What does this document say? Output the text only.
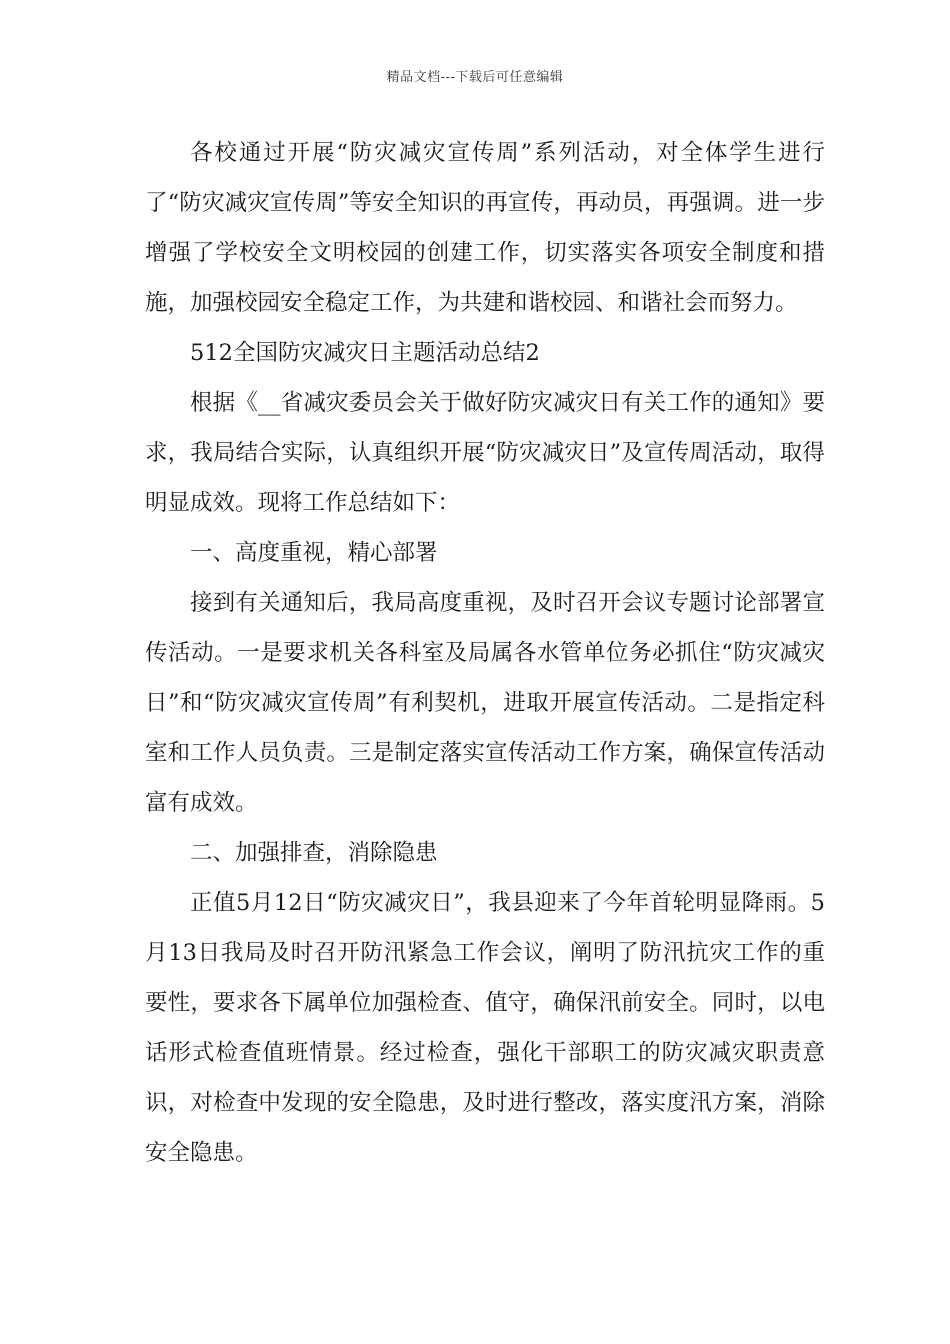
精品文档---下载后可任意编辑

各校通过开展“防灾减灾宣传周”系列活动，对全体学生进行了“防灾减灾宣传周”等安全知识的再宣传，再动员，再强调。进一步增强了学校安全文明校园的创建工作，切实落实各项安全制度和措施，加强校园安全稳定工作，为共建和谐校园、和谐社会而努力。

512全国防灾减灾日主题活动总结2

根据《__省减灾委员会关于做好防灾减灾日有关工作的通知》要求，我局结合实际，认真组织开展“防灾减灾日”及宣传周活动，取得明显成效。现将工作总结如下：

一、高度重视，精心部署

接到有关通知后，我局高度重视，及时召开会议专题讨论部署宣传活动。一是要求机关各科室及局属各水管单位务必抓住“防灾减灾日”和“防灾减灾宣传周”有利契机，进取开展宣传活动。二是指定科室和工作人员负责。三是制定落实宣传活动工作方案，确保宣传活动富有成效。

二、加强排查，消除隐患

正值5月12日“防灾减灾日”，我县迎来了今年首轮明显降雨。5月13日我局及时召开防汛紧急工作会议，阐明了防汛抗灾工作的重要性，要求各下属单位加强检查、值守，确保汛前安全。同时，以电话形式检查值班情景。经过检查，强化干部职工的防灾减灾职责意识，对检查中发现的安全隐患，及时进行整改，落实度汛方案，消除安全隐患。
